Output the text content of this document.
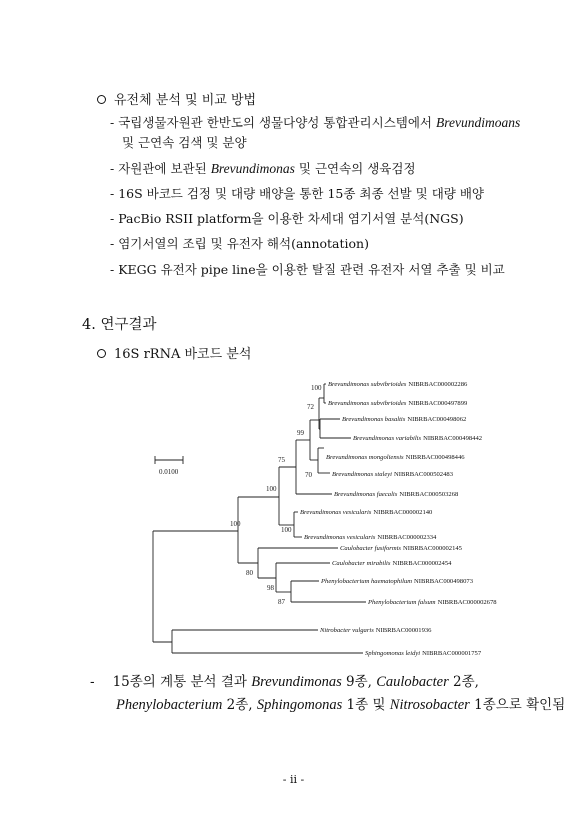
유전체 분석 및 비교 방법
- 국립생물자원관 한반도의 생물다양성 통합관리시스템에서 Brevundimoans
및 근연속 검색 및 분양
- 자원관에 보관된 Brevundimonas 및 근연속의 생육검정
- 16S 바코드 검정 및 대량 배양을 통한 15종 최종 선발 및 대량 배양
- PacBio RSII platform을 이용한 차세대 염기서열 분석(NGS)
- 염기서열의 조립 및 유전자 해석(annotation)
- KEGG 유전자 pipe line을 이용한 탈질 관련 유전자 서열 추출 및 비교
4. 연구결과
16S rRNA 바코드 분석
0.0100
100
72
99
75
70
100
100
100
80
98
87
Brevundimonas subvibrioides NIBRBAC000002286
Brevundimonas subvibrioides NIBRBAC000497899
Brevundimonas basaltis NIBRBAC000498062
Brevundimonas variabilis NIBRBAC000498442
Brevundimonas mongoliensis NIBRBAC000498446
Brevundimonas staleyi NIBRBAC000502483
Brevundimonas faecalis NIBRBAC000503268
Brevundimonas vesicularis NIBRBAC000002140
Brevundimonas vesicularis NIBRBAC000002334
Caulobacter fusiformis NIBRBAC000002145
Caulobacter mirabilis NIBRBAC000002454
Phenylobacterium haematophilum NIBRBAC000498073
Phenylobacterium falsum NIBRBAC000002678
Nitrobacter vulgaris NIBRBAC00001936
Sphingomonas leidyi NIBRBAC000001757
- 15종의 계통 분석 결과 Brevundimonas 9종, Caulobacter 2종,
Phenylobacterium 2종, Sphingomonas 1종 및 Nitrosobacter 1종으로 확인됨
- ii -
